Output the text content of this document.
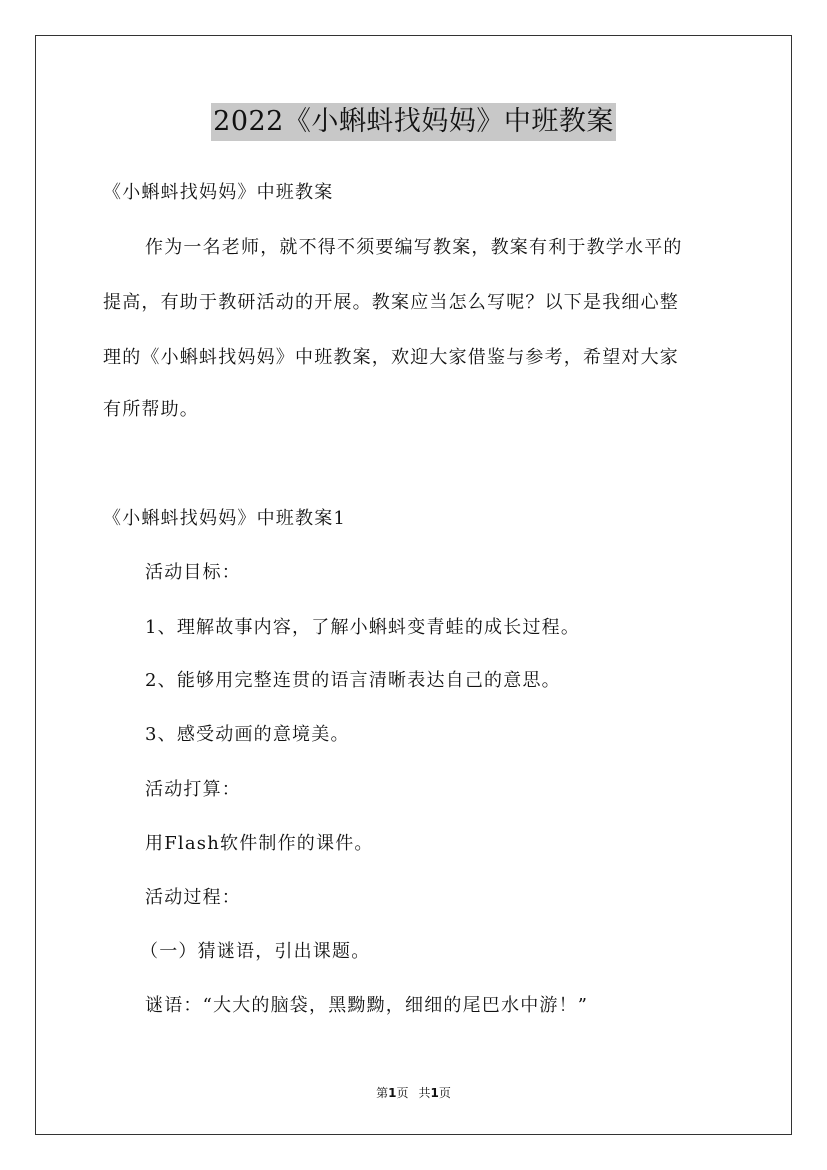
2022《小蝌蚪找妈妈》中班教案
《小蝌蚪找妈妈》中班教案
作为一名老师，就不得不须要编写教案，教案有利于教学水平的
提高，有助于教研活动的开展。教案应当怎么写呢？以下是我细心整
理的《小蝌蚪找妈妈》中班教案，欢迎大家借鉴与参考，希望对大家
有所帮助。
《小蝌蚪找妈妈》中班教案1
活动目标：
1、理解故事内容，了解小蝌蚪变青蛙的成长过程。
2、能够用完整连贯的语言清晰表达自己的意思。
3、感受动画的意境美。
活动打算：
用Flash软件制作的课件。
活动过程：
（一）猜谜语，引出课题。
谜语：“大大的脑袋，黑黝黝，细细的尾巴水中游！”
第1页 共1页
